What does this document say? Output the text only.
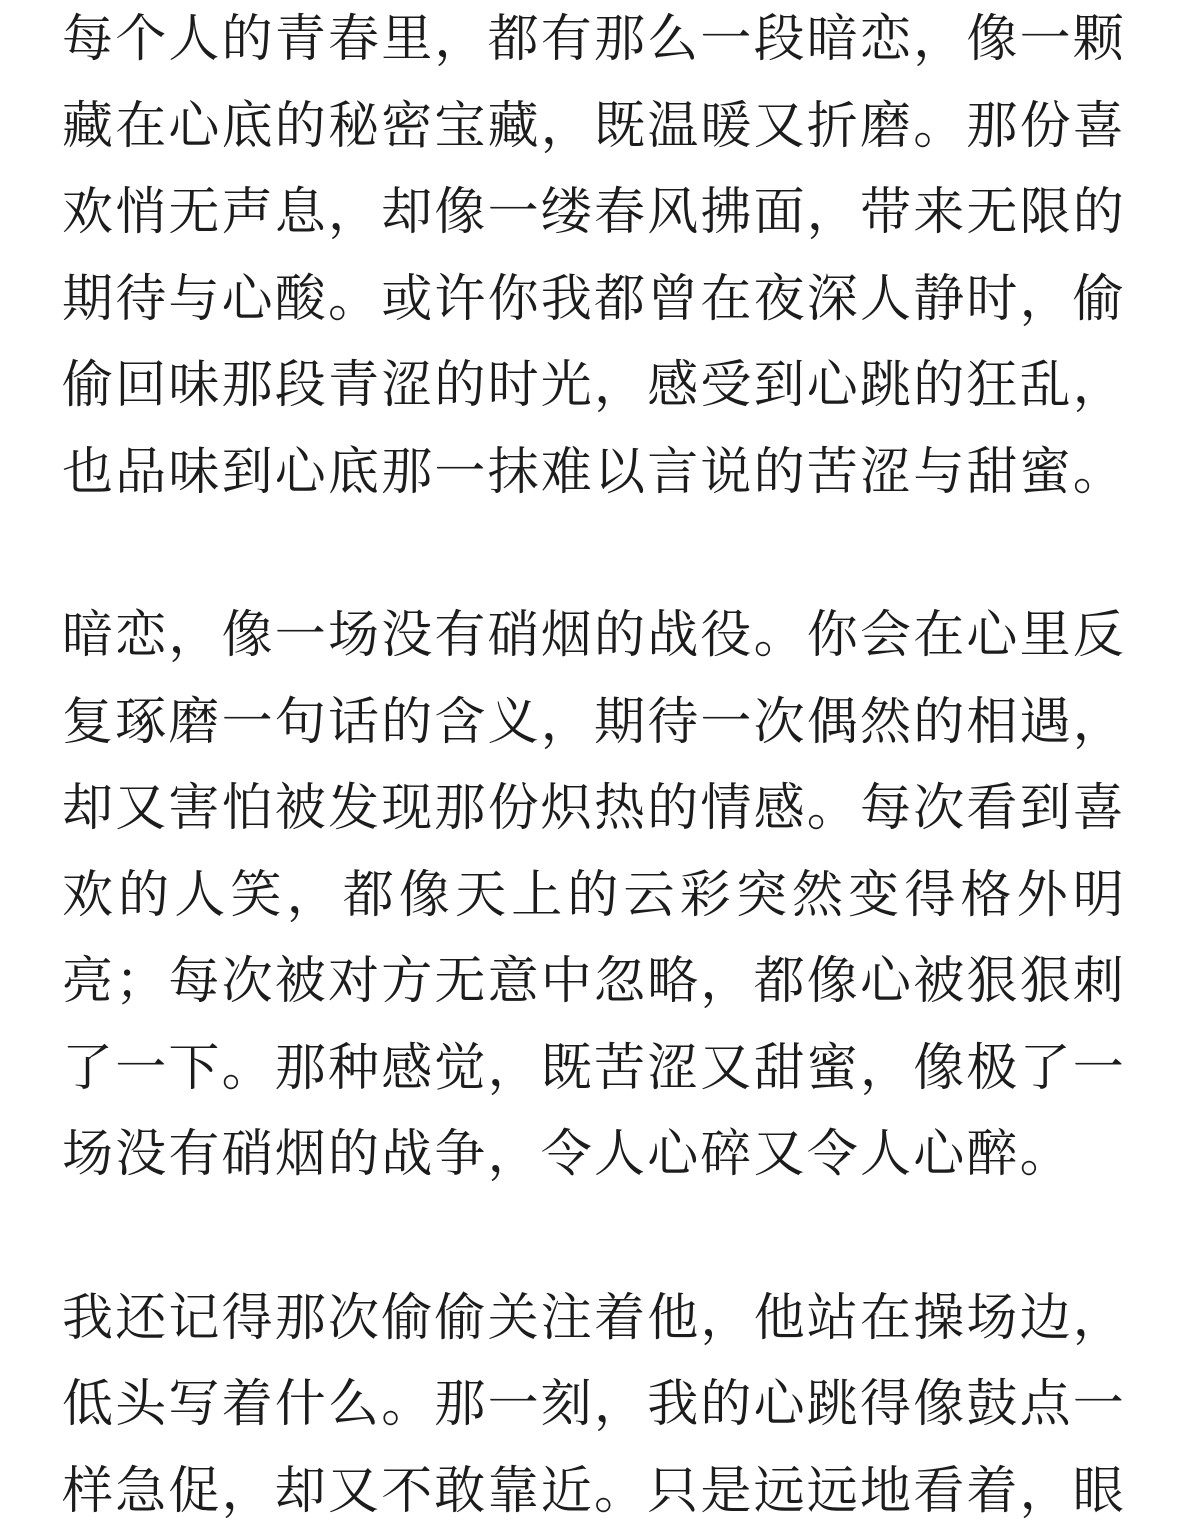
每个人的青春里，都有那么一段暗恋，像一颗藏在心底的秘密宝藏，既温暖又折磨。那份喜欢悄无声息，却像一缕春风拂面，带来无限的期待与心酸。或许你我都曾在夜深人静时，偷偷回味那段青涩的时光，感受到心跳的狂乱，也品味到心底那一抹难以言说的苦涩与甜蜜。

暗恋，像一场没有硝烟的战役。你会在心里反复琢磨一句话的含义，期待一次偶然的相遇，却又害怕被发现那份炽热的情感。每次看到喜欢的人笑，都像天上的云彩突然变得格外明亮；每次被对方无意中忽略，都像心被狠狠刺了一下。那种感觉，既苦涩又甜蜜，像极了一场没有硝烟的战争，令人心碎又令人心醉。

我还记得那次偷偷关注着他，他站在操场边，低头写着什么。那一刻，我的心跳得像鼓点一样急促，却又不敢靠近。只是远远地看着，眼
